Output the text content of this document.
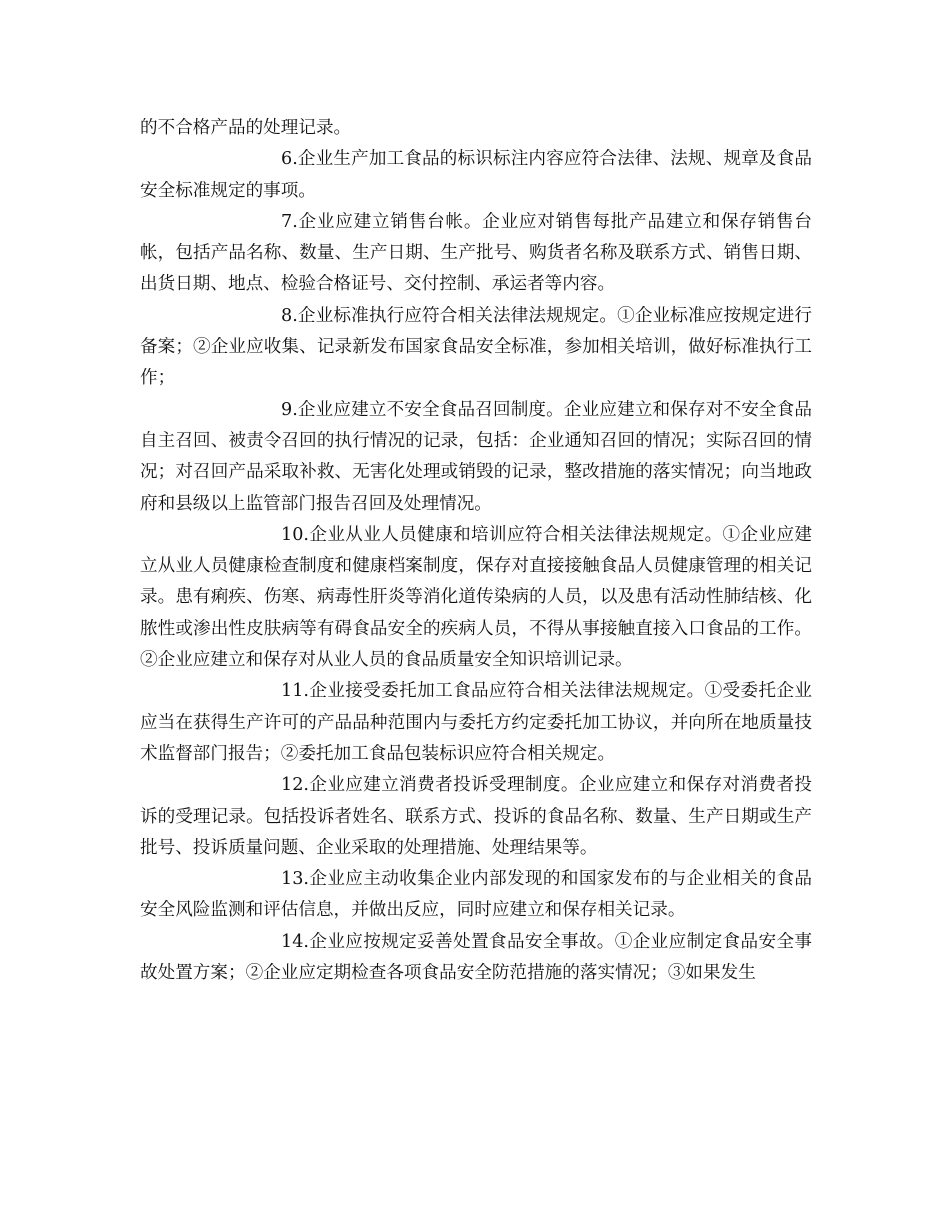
的不合格产品的处理记录。

6.企业生产加工食品的标识标注内容应符合法律、法规、规章及食品安全标准规定的事项。

7.企业应建立销售台帐。企业应对销售每批产品建立和保存销售台帐，包括产品名称、数量、生产日期、生产批号、购货者名称及联系方式、销售日期、出货日期、地点、检验合格证号、交付控制、承运者等内容。

8.企业标准执行应符合相关法律法规规定。①企业标准应按规定进行备案；②企业应收集、记录新发布国家食品安全标准，参加相关培训，做好标准执行工作；

9.企业应建立不安全食品召回制度。企业应建立和保存对不安全食品自主召回、被责令召回的执行情况的记录，包括：企业通知召回的情况；实际召回的情况；对召回产品采取补救、无害化处理或销毁的记录，整改措施的落实情况；向当地政府和县级以上监管部门报告召回及处理情况。

10.企业从业人员健康和培训应符合相关法律法规规定。①企业应建立从业人员健康检查制度和健康档案制度，保存对直接接触食品人员健康管理的相关记录。患有痢疾、伤寒、病毒性肝炎等消化道传染病的人员，以及患有活动性肺结核、化脓性或渗出性皮肤病等有碍食品安全的疾病人员，不得从事接触直接入口食品的工作。②企业应建立和保存对从业人员的食品质量安全知识培训记录。

11.企业接受委托加工食品应符合相关法律法规规定。①受委托企业应当在获得生产许可的产品品种范围内与委托方约定委托加工协议，并向所在地质量技术监督部门报告；②委托加工食品包装标识应符合相关规定。

12.企业应建立消费者投诉受理制度。企业应建立和保存对消费者投诉的受理记录。包括投诉者姓名、联系方式、投诉的食品名称、数量、生产日期或生产批号、投诉质量问题、企业采取的处理措施、处理结果等。

13.企业应主动收集企业内部发现的和国家发布的与企业相关的食品安全风险监测和评估信息，并做出反应，同时应建立和保存相关记录。

14.企业应按规定妥善处置食品安全事故。①企业应制定食品安全事故处置方案；②企业应定期检查各项食品安全防范措施的落实情况；③如果发生
